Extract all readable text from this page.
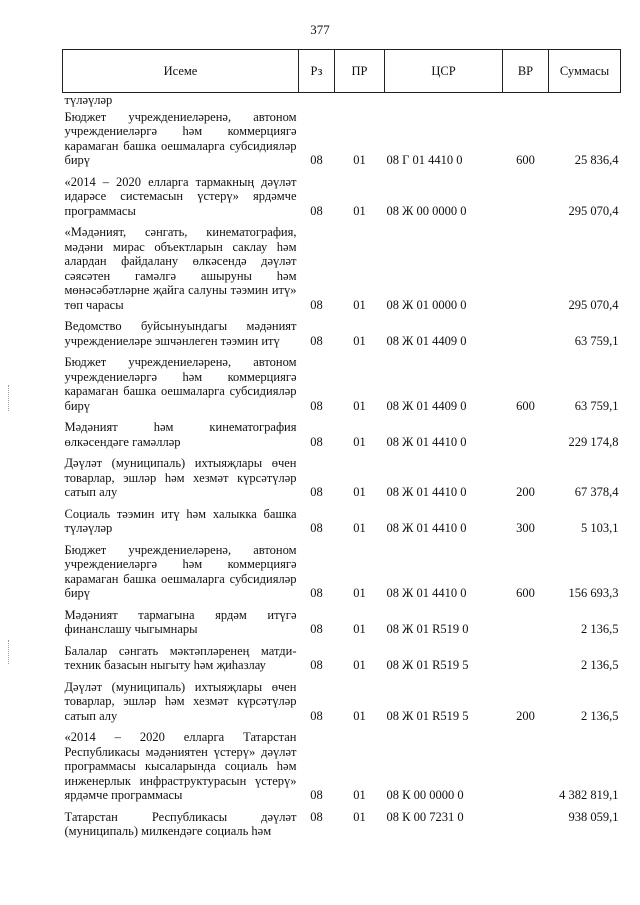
377
Исеме	Рз	ПР	ЦСР	ВР	Суммасы
түләүләр					
Бюджет учреждениеләренә, автоном учреждениеләргә һәм коммерциягә карамаган башка оешмаларга субсидияләр бирү	08	01	08 Г 01 4410 0	600	25 836,4
«2014 – 2020 елларга тармакның дәүләт идарәсе системасын үстерү» ярдәмче программасы	08	01	08 Ж 00 0000 0		295 070,4
«Мәдәният, сәнгать, кинематография, мәдәни мирас объектларын саклау һәм алардан файдалану өлкәсендә дәүләт сәясәтен гамәлгә ашыруны һәм мөнәсәбәтләрне җайга салуны тәэмин итү» төп чарасы	08	01	08 Ж 01 0000 0		295 070,4
Ведомство буйсынуындагы мәдәният учреждениеләре эшчәнлеген тәэмин итү	08	01	08 Ж 01 4409 0		63 759,1
Бюджет учреждениеләренә, автоном учреждениеләргә һәм коммерциягә карамаган башка оешмаларга субсидияләр бирү	08	01	08 Ж 01 4409 0	600	63 759,1
Мәдәният һәм кинематография өлкәсендәге гамәлләр	08	01	08 Ж 01 4410 0		229 174,8
Дәүләт (муниципаль) ихтыяҗлары өчен товарлар, эшләр һәм хезмәт күрсәтүләр сатып алу	08	01	08 Ж 01 4410 0	200	67 378,4
Социаль тәэмин итү һәм халыкка башка түләүләр	08	01	08 Ж 01 4410 0	300	5 103,1
Бюджет учреждениеләренә, автоном учреждениеләргә һәм коммерциягә карамаган башка оешмаларга субсидияләр бирү	08	01	08 Ж 01 4410 0	600	156 693,3
Мәдәният тармагына ярдәм итүгә финанслашу чыгымнары	08	01	08 Ж 01 R519 0		2 136,5
Балалар сәнгать мәктәпләренең матди-техник базасын ныгыту һәм җиһазлау	08	01	08 Ж 01 R519 5		2 136,5
Дәүләт (муниципаль) ихтыяҗлары өчен товарлар, эшләр һәм хезмәт күрсәтүләр сатып алу	08	01	08 Ж 01 R519 5	200	2 136,5
«2014 – 2020 елларга Татарстан Республикасы мәдәниятен үстерү» дәүләт программасы кысаларында социаль һәм инженерлык инфраструктурасын үстерү» ярдәмче программасы	08	01	08 К 00 0000 0		4 382 819,1
Татарстан Республикасы дәүләт (муниципаль) милкендәге социаль һәм	08	01	08 К 00 7231 0		938 059,1
